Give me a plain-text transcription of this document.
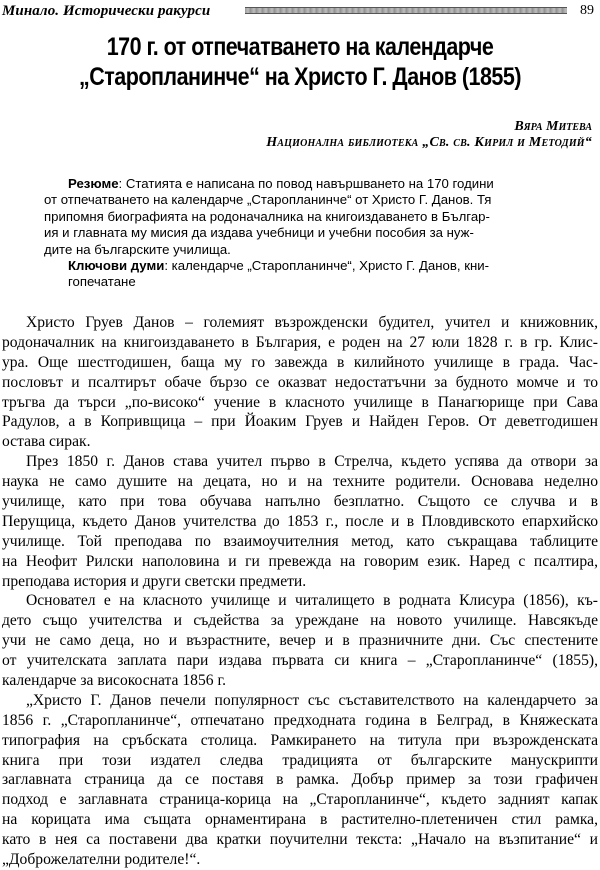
Минало. Исторически ракурси	89
170 г. от отпечатването на календарче
„Старопланинче“ на Христо Г. Данов (1855)
Вяра Митева
Национална библиотека „Св. св. Кирил и Методий“
Резюме: Статията е написана по повод навършването на 170 години
от отпечатването на календарче „Старопланинче“ от Христо Г. Данов. Тя
припомня биографията на родоначалника на книгоиздаването в Българ-
ия и главната му мисия да издава учебници и учебни пособия за нуж-
дите на българските училища.
Ключови думи: календарче „Старопланинче“, Христо Г. Данов, кни-
гопечатане
Христо Груев Данов – големият възрожденски будител, учител и книжовник,
родоначалник на книгоиздаването в България, е роден на 27 юли 1828 г. в гр. Клис-
ура. Още шестгодишен, баща му го завежда в килийното училище в града. Час-
пословът и псалтирът обаче бързо се оказват недостатъчни за будното момче и то
тръгва да търси „по-високо“ учение в класното училище в Панагюрище при Сава
Радулов, а в Копривщица – при Йоаким Груев и Найден Геров. От деветгодишен
остава сирак.
През 1850 г. Данов става учител първо в Стрелча, където успява да отвори за
наука не само душите на децата, но и на техните родители. Основава неделно
училище, като при това обучава напълно безплатно. Същото се случва и в
Перущица, където Данов учителства до 1853 г., после и в Пловдивското епархийско
училище. Той преподава по взаимоучителния метод, като съкращава таблиците
на Неофит Рилски наполовина и ги превежда на говорим език. Наред с псалтира,
преподава история и други светски предмети.
Основател е на класното училище и читалището в родната Клисура (1856), къ-
дето също учителства и съдейства за уреждане на новото училище. Навсякъде
учи не само деца, но и възрастните, вечер и в празничните дни. Със спестените
от учителската заплата пари издава първата си книга – „Старопланинче“ (1855),
календарче за високосната 1856 г.
„Христо Г. Данов печели популярност със съставителството на календарчето за
1856 г. „Старопланинче“, отпечатано предходната година в Белград, в Княжеската
типография на сръбската столица. Рамкирането на титула при възрожденската
книга при този издател следва традицията от българските манускрипти
заглавната страница да се поставя в рамка. Добър пример за този графичен
подход е заглавната страница-корица на „Старопланинче“, където задният капак
на корицата има същата орнаментирана в растително-плетеничен стил рамка,
като в нея са поставени два кратки поучителни текста: „Начало на възпитание“ и
„Доброжелателни родителе!“.
